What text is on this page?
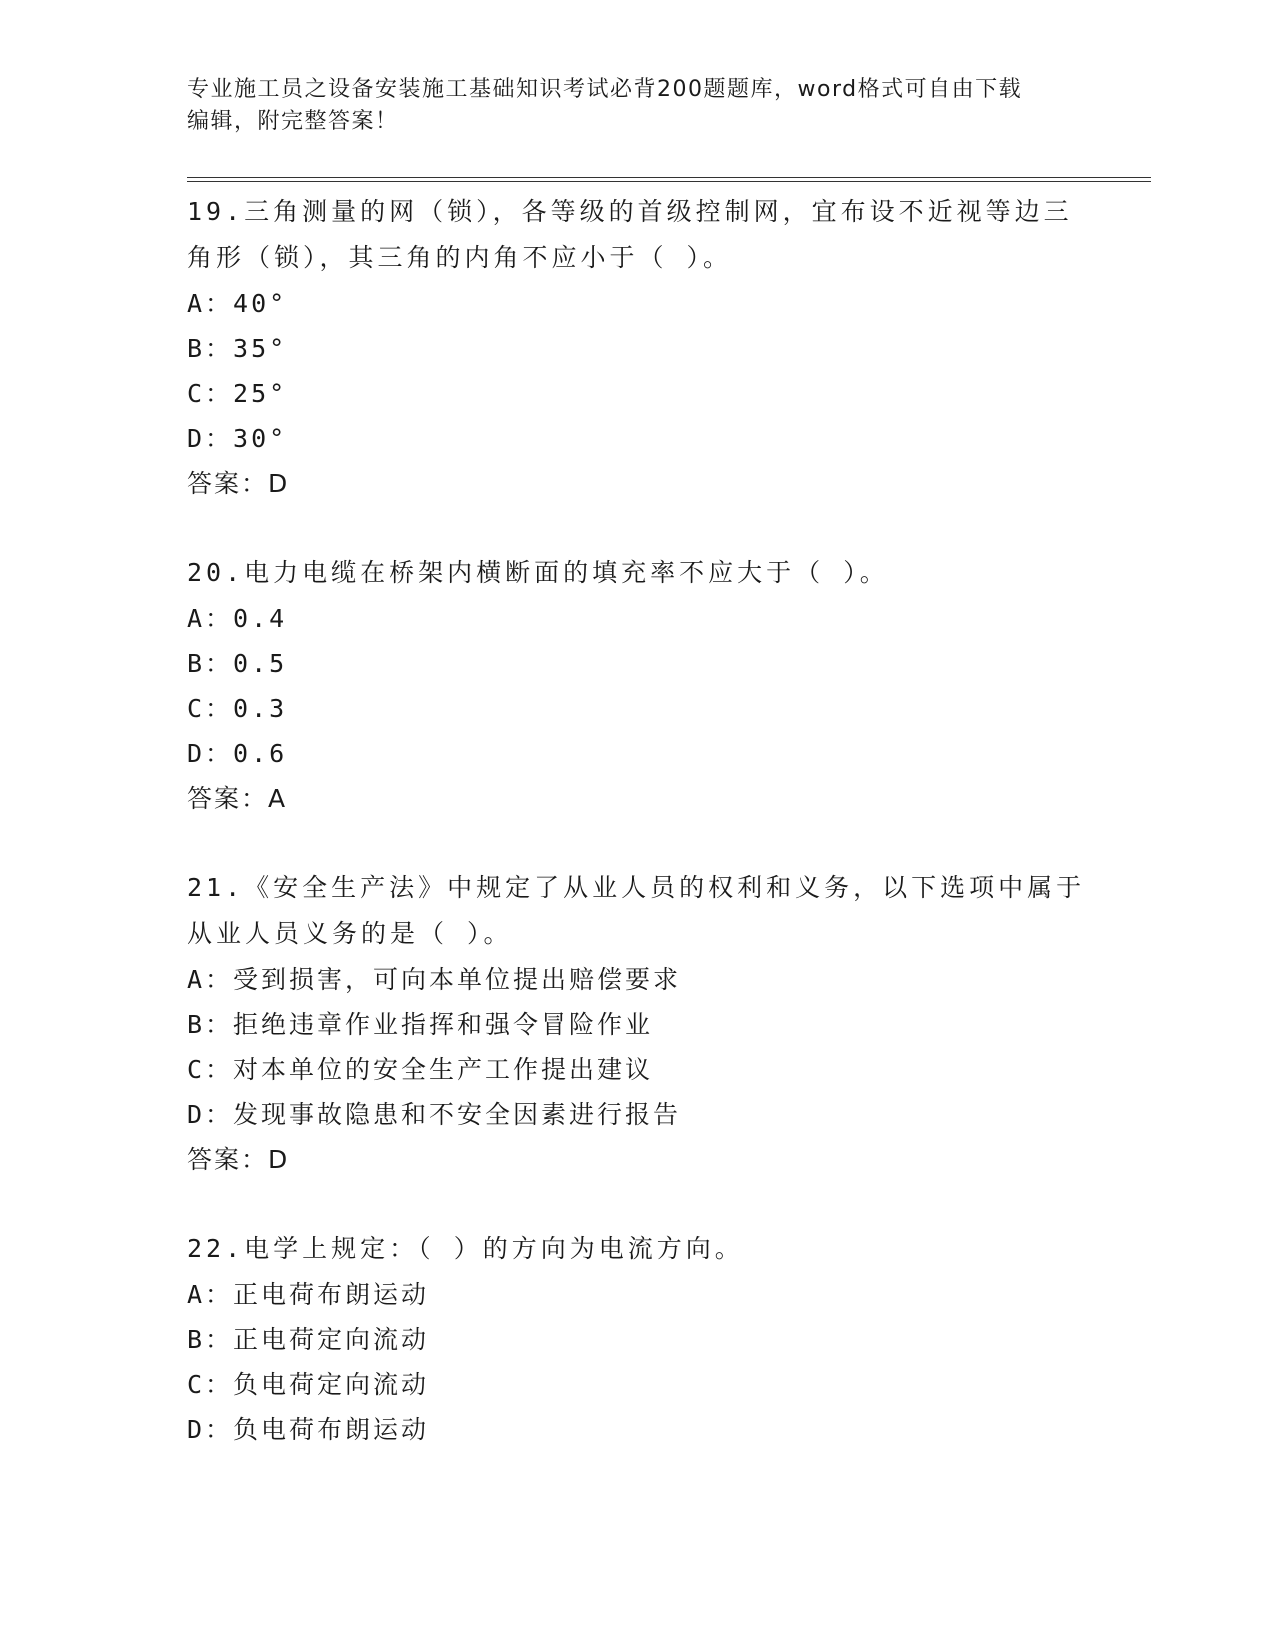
专业施工员之设备安装施工基础知识考试必背200题题库，word格式可自由下载
编辑，附完整答案！
19.三角测量的网（锁），各等级的首级控制网，宜布设不近视等边三
角形（锁），其三角的内角不应小于（ ）。
A：40°
B：35°
C：25°
D：30°
答案：D
20.电力电缆在桥架内横断面的填充率不应大于（ ）。
A：0.4
B：0.5
C：0.3
D：0.6
答案：A
21.《安全生产法》中规定了从业人员的权利和义务，以下选项中属于
从业人员义务的是（ ）。
A：受到损害，可向本单位提出赔偿要求
B：拒绝违章作业指挥和强令冒险作业
C：对本单位的安全生产工作提出建议
D：发现事故隐患和不安全因素进行报告
答案：D
22.电学上规定：（ ）的方向为电流方向。
A：正电荷布朗运动
B：正电荷定向流动
C：负电荷定向流动
D：负电荷布朗运动
